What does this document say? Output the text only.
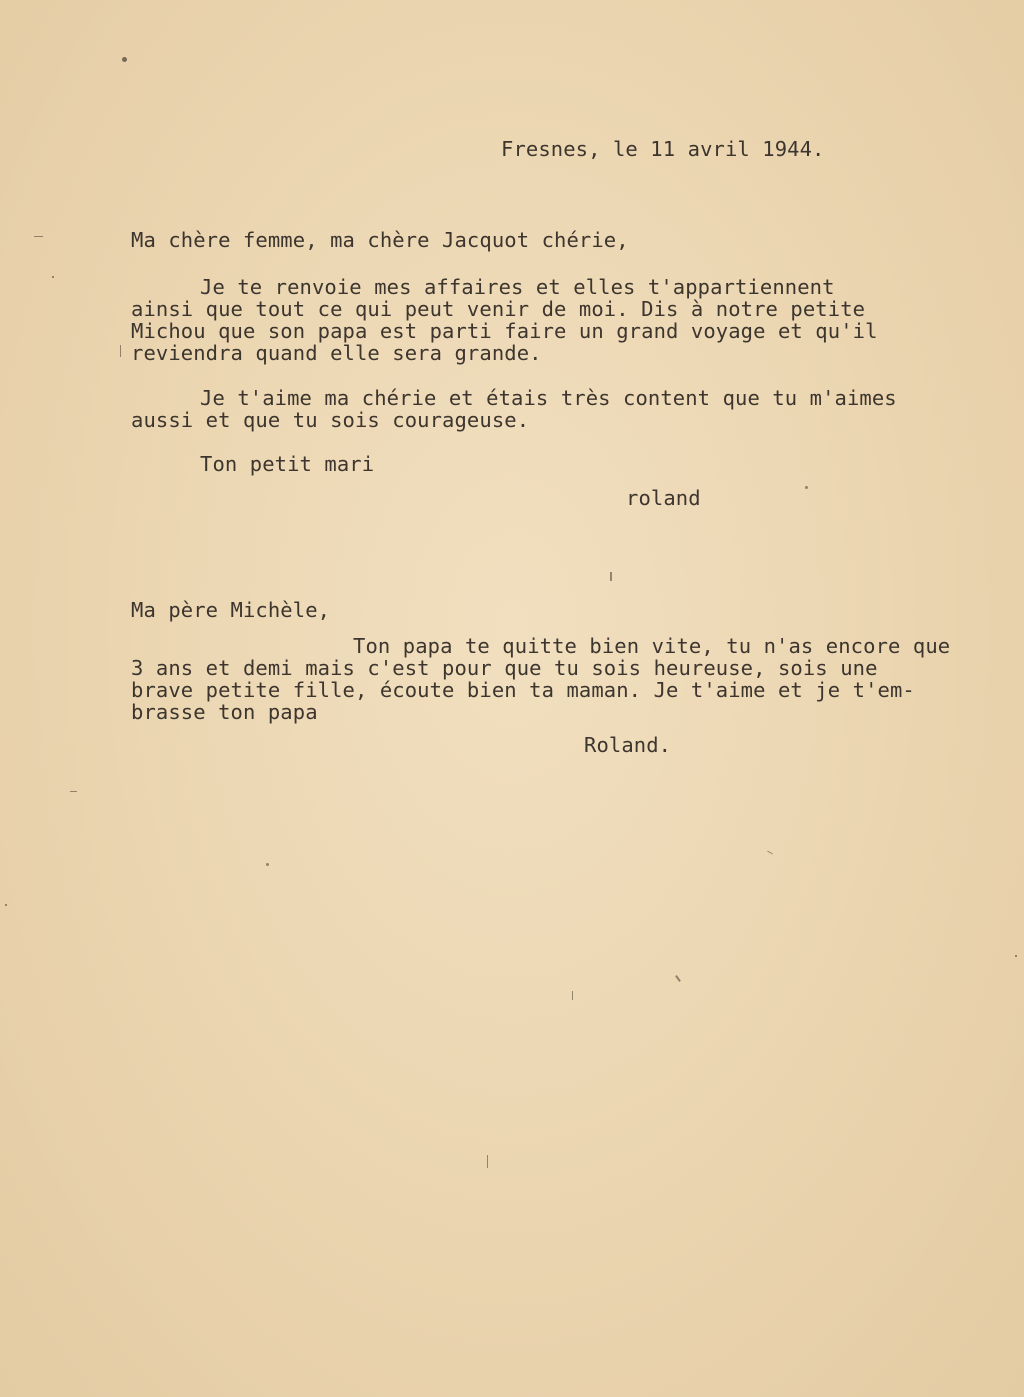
Fresnes, le 11 avril 1944.
Ma chère femme, ma chère Jacquot chérie,
Je te renvoie mes affaires et elles t'appartiennent
ainsi que tout ce qui peut venir de moi. Dis à notre petite
Michou que son papa est parti faire un grand voyage et qu'il
reviendra quand elle sera grande.
Je t'aime ma chérie et étais très content que tu m'aimes
aussi et que tu sois courageuse.
Ton petit mari
roland
Ma père Michèle,
Ton papa te quitte bien vite, tu n'as encore que
3 ans et demi mais c'est pour que tu sois heureuse, sois une
brave petite fille, écoute bien ta maman. Je t'aime et je t'em-
brasse ton papa
Roland.
